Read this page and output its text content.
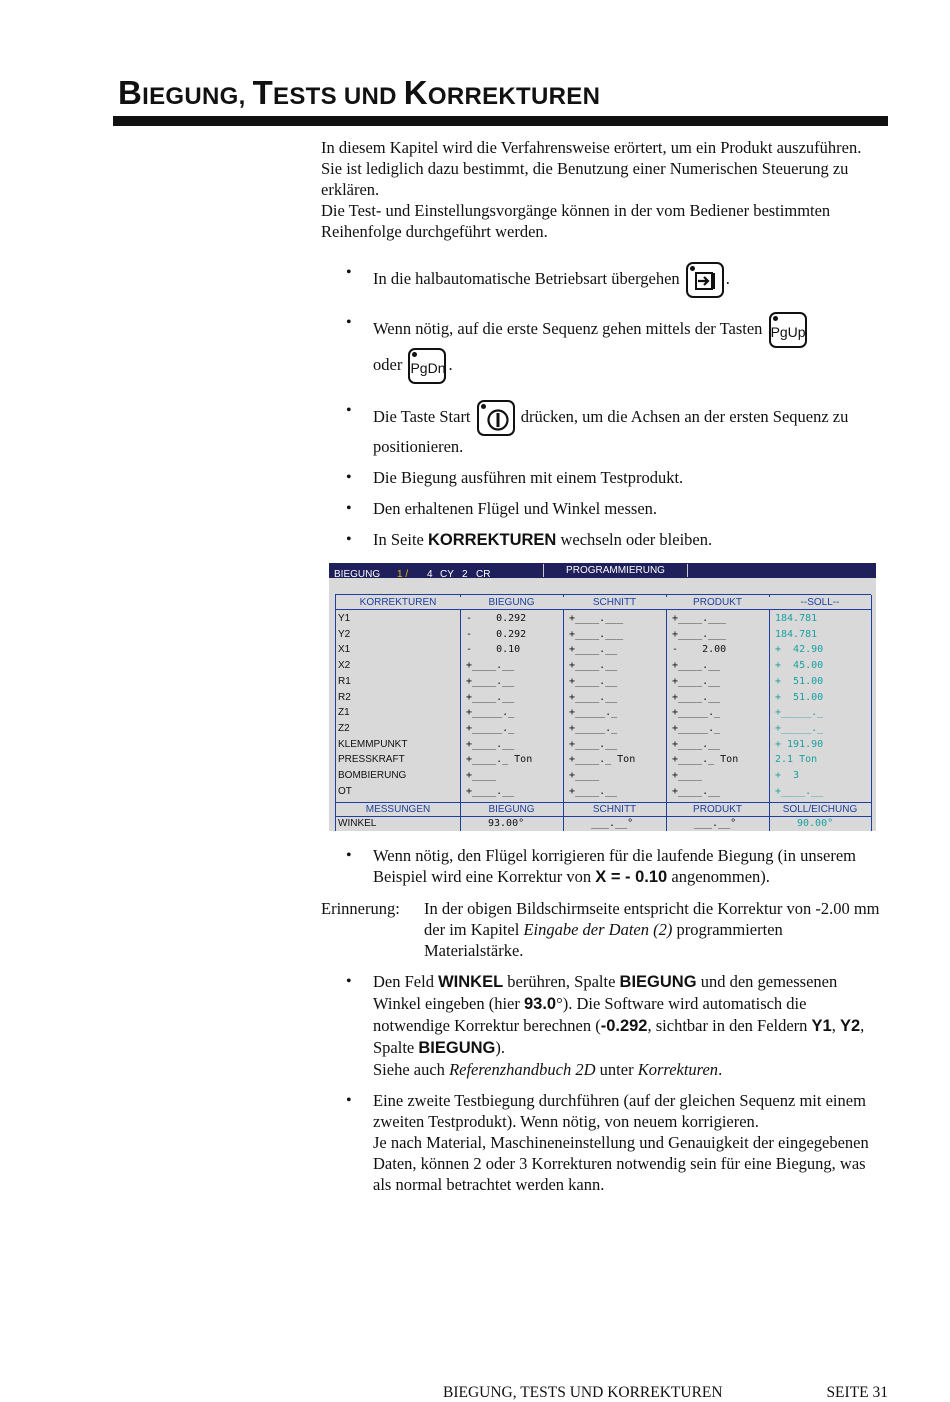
BIEGUNG, TESTS UND KORREKTUREN

In diesem Kapitel wird die Verfahrensweise erörtert, um ein Produkt auszuführen. Sie ist lediglich dazu bestimmt, die Benutzung einer Numerischen Steuerung zu erklären.

Die Test- und Einstellungsvorgänge können in der vom Bediener bestimmten Reihenfolge durchgeführt werden.

• In die halbautomatische Betriebsart übergehen	.
• Wenn nötig, auf die erste Sequenz gehen mittels der Tasten PgUp

oder PgDn .
• Die Taste Start	drücken, um die Achsen an der ersten Sequenz zu positionieren.
• Die Biegung ausführen mit einem Testprodukt.
• Den erhaltenen Flügel und Winkel messen.
• In Seite KORREKTUREN wechseln oder bleiben.
BIEGUNG 1 / 4 CY 2 CR	PROGRAMMIERUNG
KORREKTUREN	BIEGUNG	SCHNITT	PRODUKT	--SOLL--
Y1	-    0.292	+____.___	+____.___	184.781
Y2	-    0.292	+____.___	+____.___	184.781
X1	-    0.10	+____.__	-    2.00	+  42.90
X2	+____.__	+____.__	+____.__	+  45.00
R1	+____.__	+____.__	+____.__	+  51.00
R2	+____.__	+____.__	+____.__	+  51.00
Z1	+_____._	+_____._	+_____._	+_____._
Z2	+_____._	+_____._	+_____._	+_____._
KLEMMPUNKT	+____.__	+____.__	+____.__	+ 191.90
PRESSKRAFT	+____._ Ton	+____._ Ton	+____._ Ton	2.1 Ton
BOMBIERUNG	+____	+____	+____	+  3
OT	+____.__	+____.__	+____.__	+____.__
MESSUNGEN	BIEGUNG	SCHNITT	PRODUKT	SOLL/EICHUNG
WINKEL	93.00°	___.__°	___.__°	90.00°
• Wenn nötig, den Flügel korrigieren für die laufende Biegung (in unserem Beispiel wird eine Korrektur von X = - 0.10 angenommen).

Erinnerung:	In der obigen Bildschirmseite entspricht die Korrektur von -2.00 mm der im Kapitel Eingabe der Daten (2) programmierten Materialstärke.

• Den Feld WINKEL berühren, Spalte BIEGUNG und den gemessenen Winkel eingeben (hier 93.0°). Die Software wird automatisch die notwendige Korrektur berechnen (-0.292, sichtbar in den Feldern Y1, Y2, Spalte BIEGUNG).
Siehe auch Referenzhandbuch 2D unter Korrekturen.
• Eine zweite Testbiegung durchführen (auf der gleichen Sequenz mit einem zweiten Testprodukt). Wenn nötig, von neuem korrigieren.
Je nach Material, Maschineneinstellung und Genauigkeit der eingegebenen Daten, können 2 oder 3 Korrekturen notwendig sein für eine Biegung, was als normal betrachtet werden kann.
BIEGUNG, TESTS UND KORREKTUREN	SEITE 31
